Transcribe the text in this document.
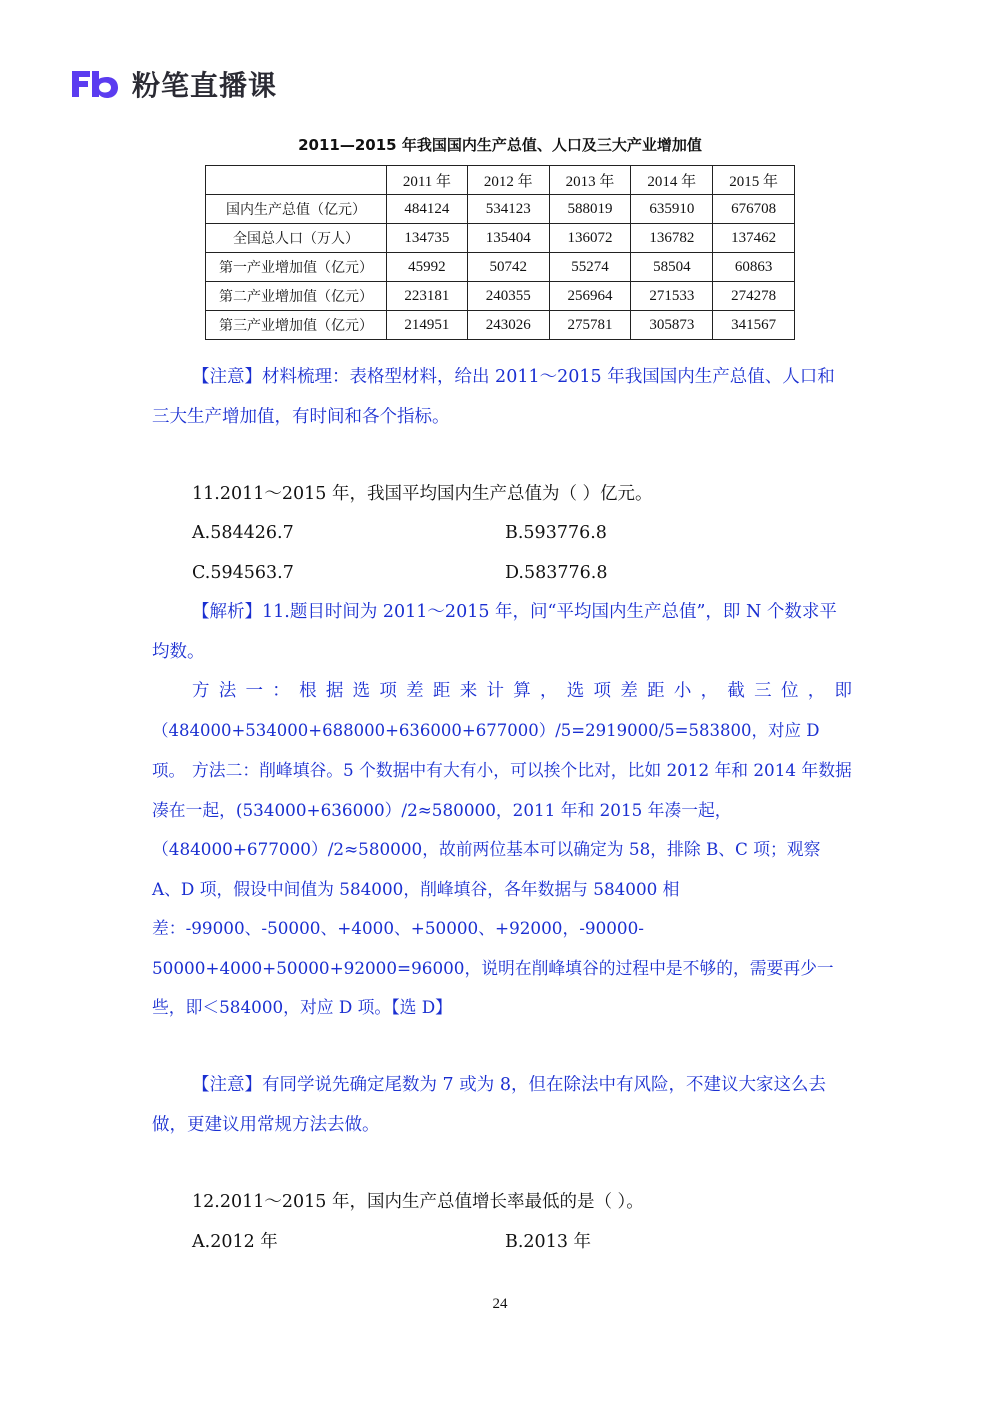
粉笔直播课
2011—2015 年我国国内生产总值、人口及三大产业增加值
	2011 年	2012 年	2013 年	2014 年	2015 年
国内生产总值（亿元）	484124	534123	588019	635910	676708
全国总人口（万人）	134735	135404	136072	136782	137462
第一产业增加值（亿元）	45992	50742	55274	58504	60863
第二产业增加值（亿元）	223181	240355	256964	271533	274278
第三产业增加值（亿元）	214951	243026	275781	305873	341567

【注意】材料梳理：表格型材料，给出 2011～2015 年我国国内生产总值、人口和三大生产增加值，有时间和各个指标。

11.2011～2015 年，我国平均国内生产总值为（ ）亿元。

A.584426.7	B.593776.8
C.594563.7	D.583776.8

【解析】11.题目时间为 2011～2015 年，问“平均国内生产总值”，即 N 个数求平均数。

方法一：根据选项差距来计算，选项差距小，截三位，即

（484000+534000+688000+636000+677000）/5=2919000/5=583800，对应 D 项。 方法二：削峰填谷。5 个数据中有大有小，可以挨个比对，比如 2012 年和 2014 年数据凑在一起，(534000+636000）/2≈580000，2011 年和 2015 年凑一起，（484000+677000）/2≈580000，故前两位基本可以确定为 58，排除 B、C 项；观察 A、D 项，假设中间值为 584000，削峰填谷，各年数据与 584000 相差：-99000、-50000、+4000、+50000、+92000，-90000-50000+4000+50000+92000=96000，说明在削峰填谷的过程中是不够的，需要再少一些，即＜584000，对应 D 项。【选 D】

【注意】有同学说先确定尾数为 7 或为 8，但在除法中有风险，不建议大家这么去做，更建议用常规方法去做。

12.2011～2015 年，国内生产总值增长率最低的是（ ）。

A.2012 年	B.2013 年
24
